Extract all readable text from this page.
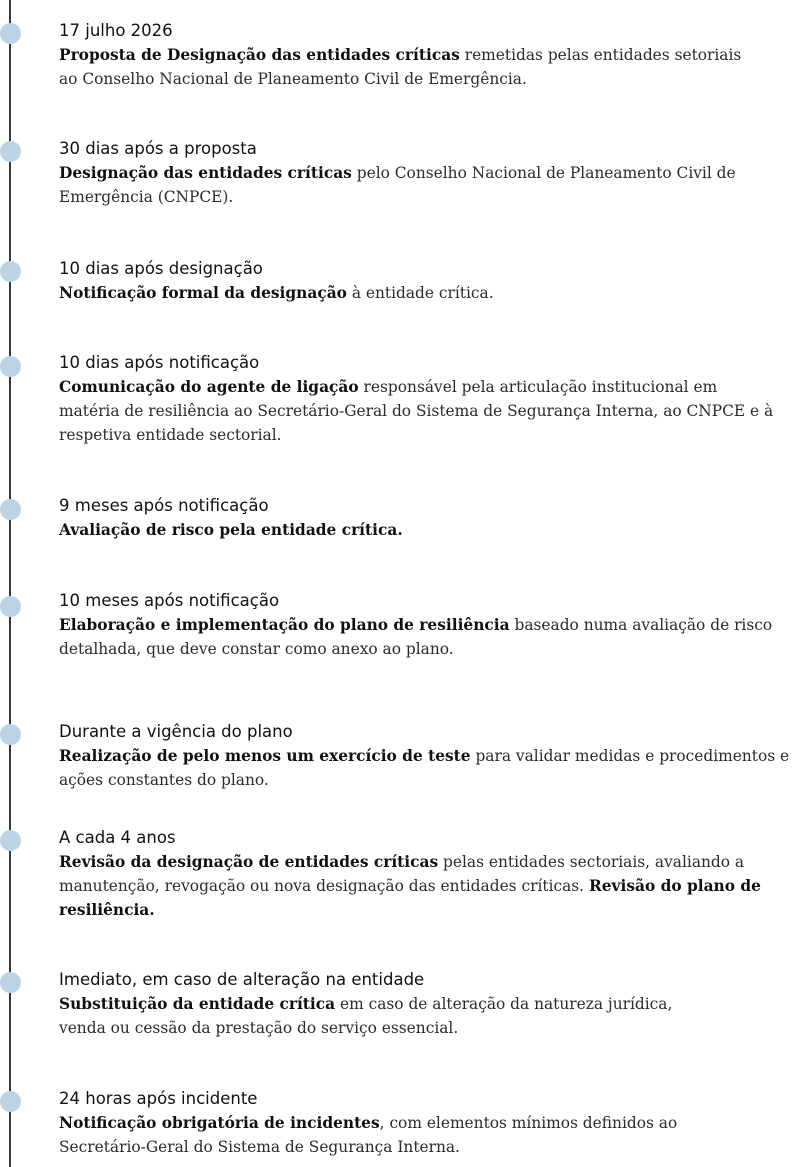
17 julho 2026

Proposta de Designação das entidades críticas remetidas pelas entidades setoriais ao Conselho Nacional de Planeamento Civil de Emergência.

30 dias após a proposta

Designação das entidades críticas pelo Conselho Nacional de Planeamento Civil de Emergência (CNPCE).

10 dias após designação

Notificação formal da designação à entidade crítica.

10 dias após notificação

Comunicação do agente de ligação responsável pela articulação institucional em matéria de resiliência ao Secretário-Geral do Sistema de Segurança Interna, ao CNPCE e à respetiva entidade sectorial.

9 meses após notificação

Avaliação de risco pela entidade crítica.

10 meses após notificação

Elaboração e implementação do plano de resiliência baseado numa avaliação de risco detalhada, que deve constar como anexo ao plano.

Durante a vigência do plano

Realização de pelo menos um exercício de teste para validar medidas e procedimentos e ações constantes do plano.

A cada 4 anos

Revisão da designação de entidades críticas pelas entidades sectoriais, avaliando a manutenção, revogação ou nova designação das entidades críticas. Revisão do plano de resiliência.

Imediato, em caso de alteração na entidade

Substituição da entidade crítica em caso de alteração da natureza jurídica, venda ou cessão da prestação do serviço essencial.

24 horas após incidente

Notificação obrigatória de incidentes, com elementos mínimos definidos ao Secretário-Geral do Sistema de Segurança Interna.
